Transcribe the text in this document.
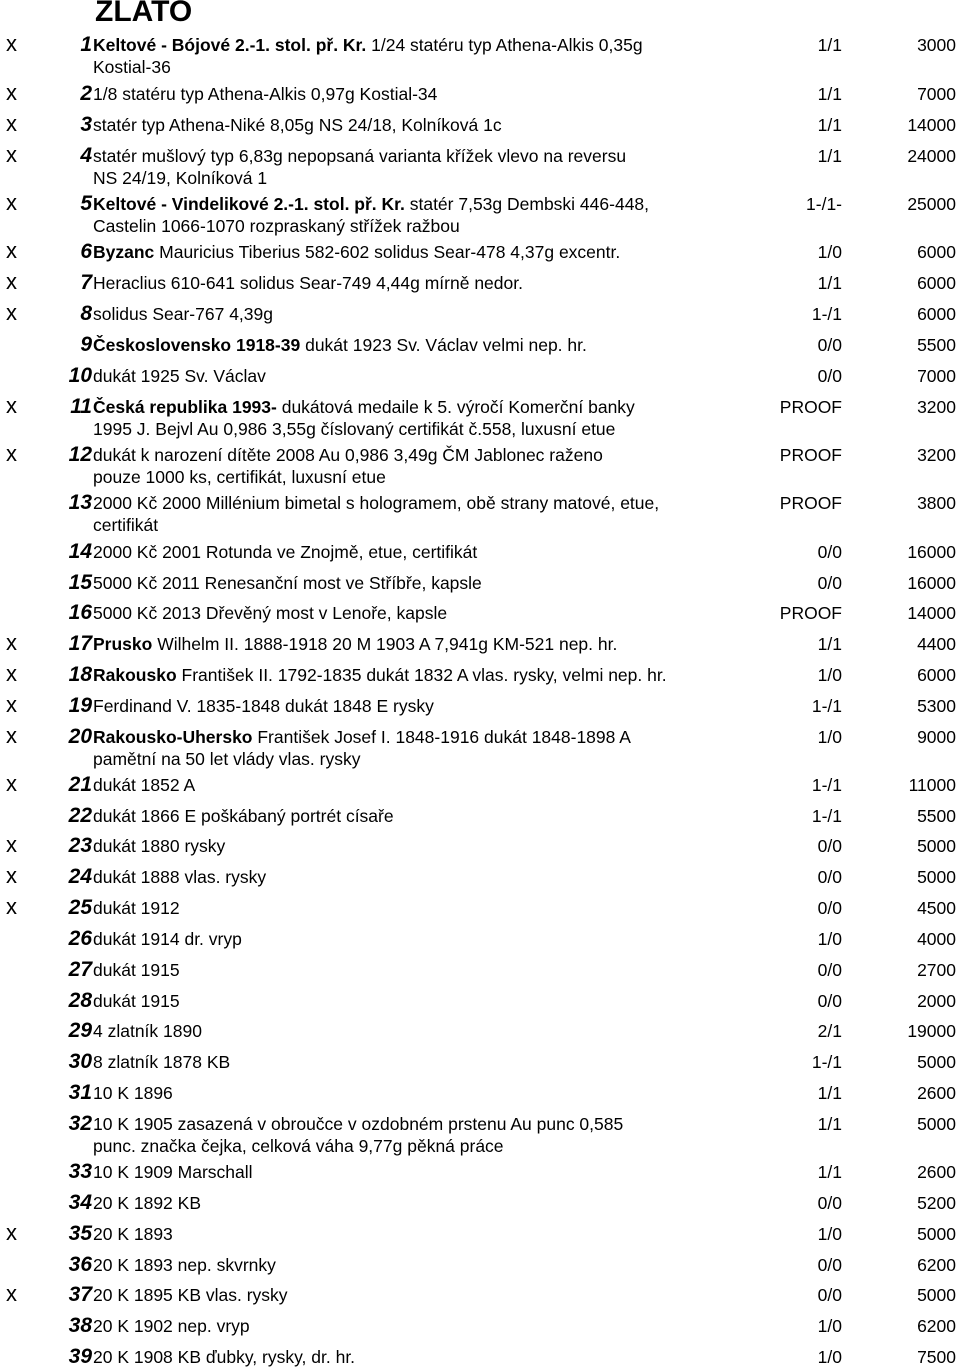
ZLATO
x	1 Keltové - Bójové 2.-1. stol. př. Kr. 1/24 statéru typ Athena-Alkis 0,35g
Kostial-36
1/1	3000
x	2 1/8 statéru typ Athena-Alkis 0,97g Kostial-34	1/1	7000
x	3 statér typ Athena-Niké 8,05g NS 24/18, Kolníková 1c	1/1	14000
x	4 statér mušlový typ 6,83g nepopsaná varianta křížek vlevo na reversu
NS 24/19, Kolníková 1
1/1	24000
x	5 Keltové - Vindelikové 2.-1. stol. př. Kr. statér 7,53g Dembski 446-448,
Castelin 1066-1070 rozpraskaný střížek ražbou
1-/1-	25000
x	6 Byzanc Mauricius Tiberius 582-602 solidus Sear-478 4,37g excentr.	1/0	6000
x	7 Heraclius 610-641 solidus Sear-749 4,44g mírně nedor.	1/1	6000
x	8 solidus Sear-767 4,39g	1-/1	6000
9 Československo 1918-39 dukát 1923 Sv. Václav velmi nep. hr.	0/0	5500
10 dukát 1925 Sv. Václav	0/0	7000
x	11 Česká republika 1993- dukátová medaile k 5. výročí Komerční banky
1995 J. Bejvl Au 0,986 3,55g číslovaný certifikát č.558, luxusní etue
PROOF	3200
x 12 dukát k narození dítěte 2008 Au 0,986 3,49g ČM Jablonec raženo
pouze 1000 ks, certifikát, luxusní etue
PROOF	3200
13 2000 Kč 2000 Millénium bimetal s hologramem, obě strany matové, etue,
certifikát
PROOF	3800
14 2000 Kč 2001 Rotunda ve Znojmě, etue, certifikát	0/0	16000
15 5000 Kč 2011 Renesanční most ve Stříbře, kapsle	0/0	16000
16 5000 Kč 2013 Dřevěný most v Lenoře, kapsle	PROOF	14000
x 17 Prusko Wilhelm II. 1888-1918 20 M 1903 A 7,941g KM-521 nep. hr.	1/1	4400
x 18 Rakousko František II. 1792-1835 dukát 1832 A vlas. rysky, velmi nep. hr.	1/0	6000
x 19 Ferdinand V. 1835-1848 dukát 1848 E rysky	1-/1	5300
x 20 Rakousko-Uhersko František Josef I. 1848-1916 dukát 1848-1898 A
pamětní na 50 let vlády vlas. rysky
1/0	9000
x 21 dukát 1852 A	1-/1	11000
22 dukát 1866 E poškábaný portrét císaře	1-/1	5500
x 23 dukát 1880 rysky	0/0	5000
x 24 dukát 1888 vlas. rysky	0/0	5000
x 25 dukát 1912	0/0	4500
26 dukát 1914 dr. vryp	1/0	4000
27 dukát 1915	0/0	2700
28 dukát 1915	0/0	2000
29 4 zlatník 1890	2/1	19000
30 8 zlatník 1878 KB	1-/1	5000
31 10 K 1896	1/1	2600
32 10 K 1905 zasazená v obroučce v ozdobném prstenu Au punc 0,585
punc. značka čejka, celková váha 9,77g pěkná práce
1/1	5000
33 10 K 1909 Marschall	1/1	2600
34 20 K 1892 KB	0/0	5200
x 35 20 K 1893	1/0	5000
36 20 K 1893 nep. skvrnky	0/0	6200
x 37 20 K 1895 KB vlas. rysky	0/0	5000
38 20 K 1902 nep. vryp	1/0	6200
39 20 K 1908 KB ďubky, rysky, dr. hr.	1/0	7500
